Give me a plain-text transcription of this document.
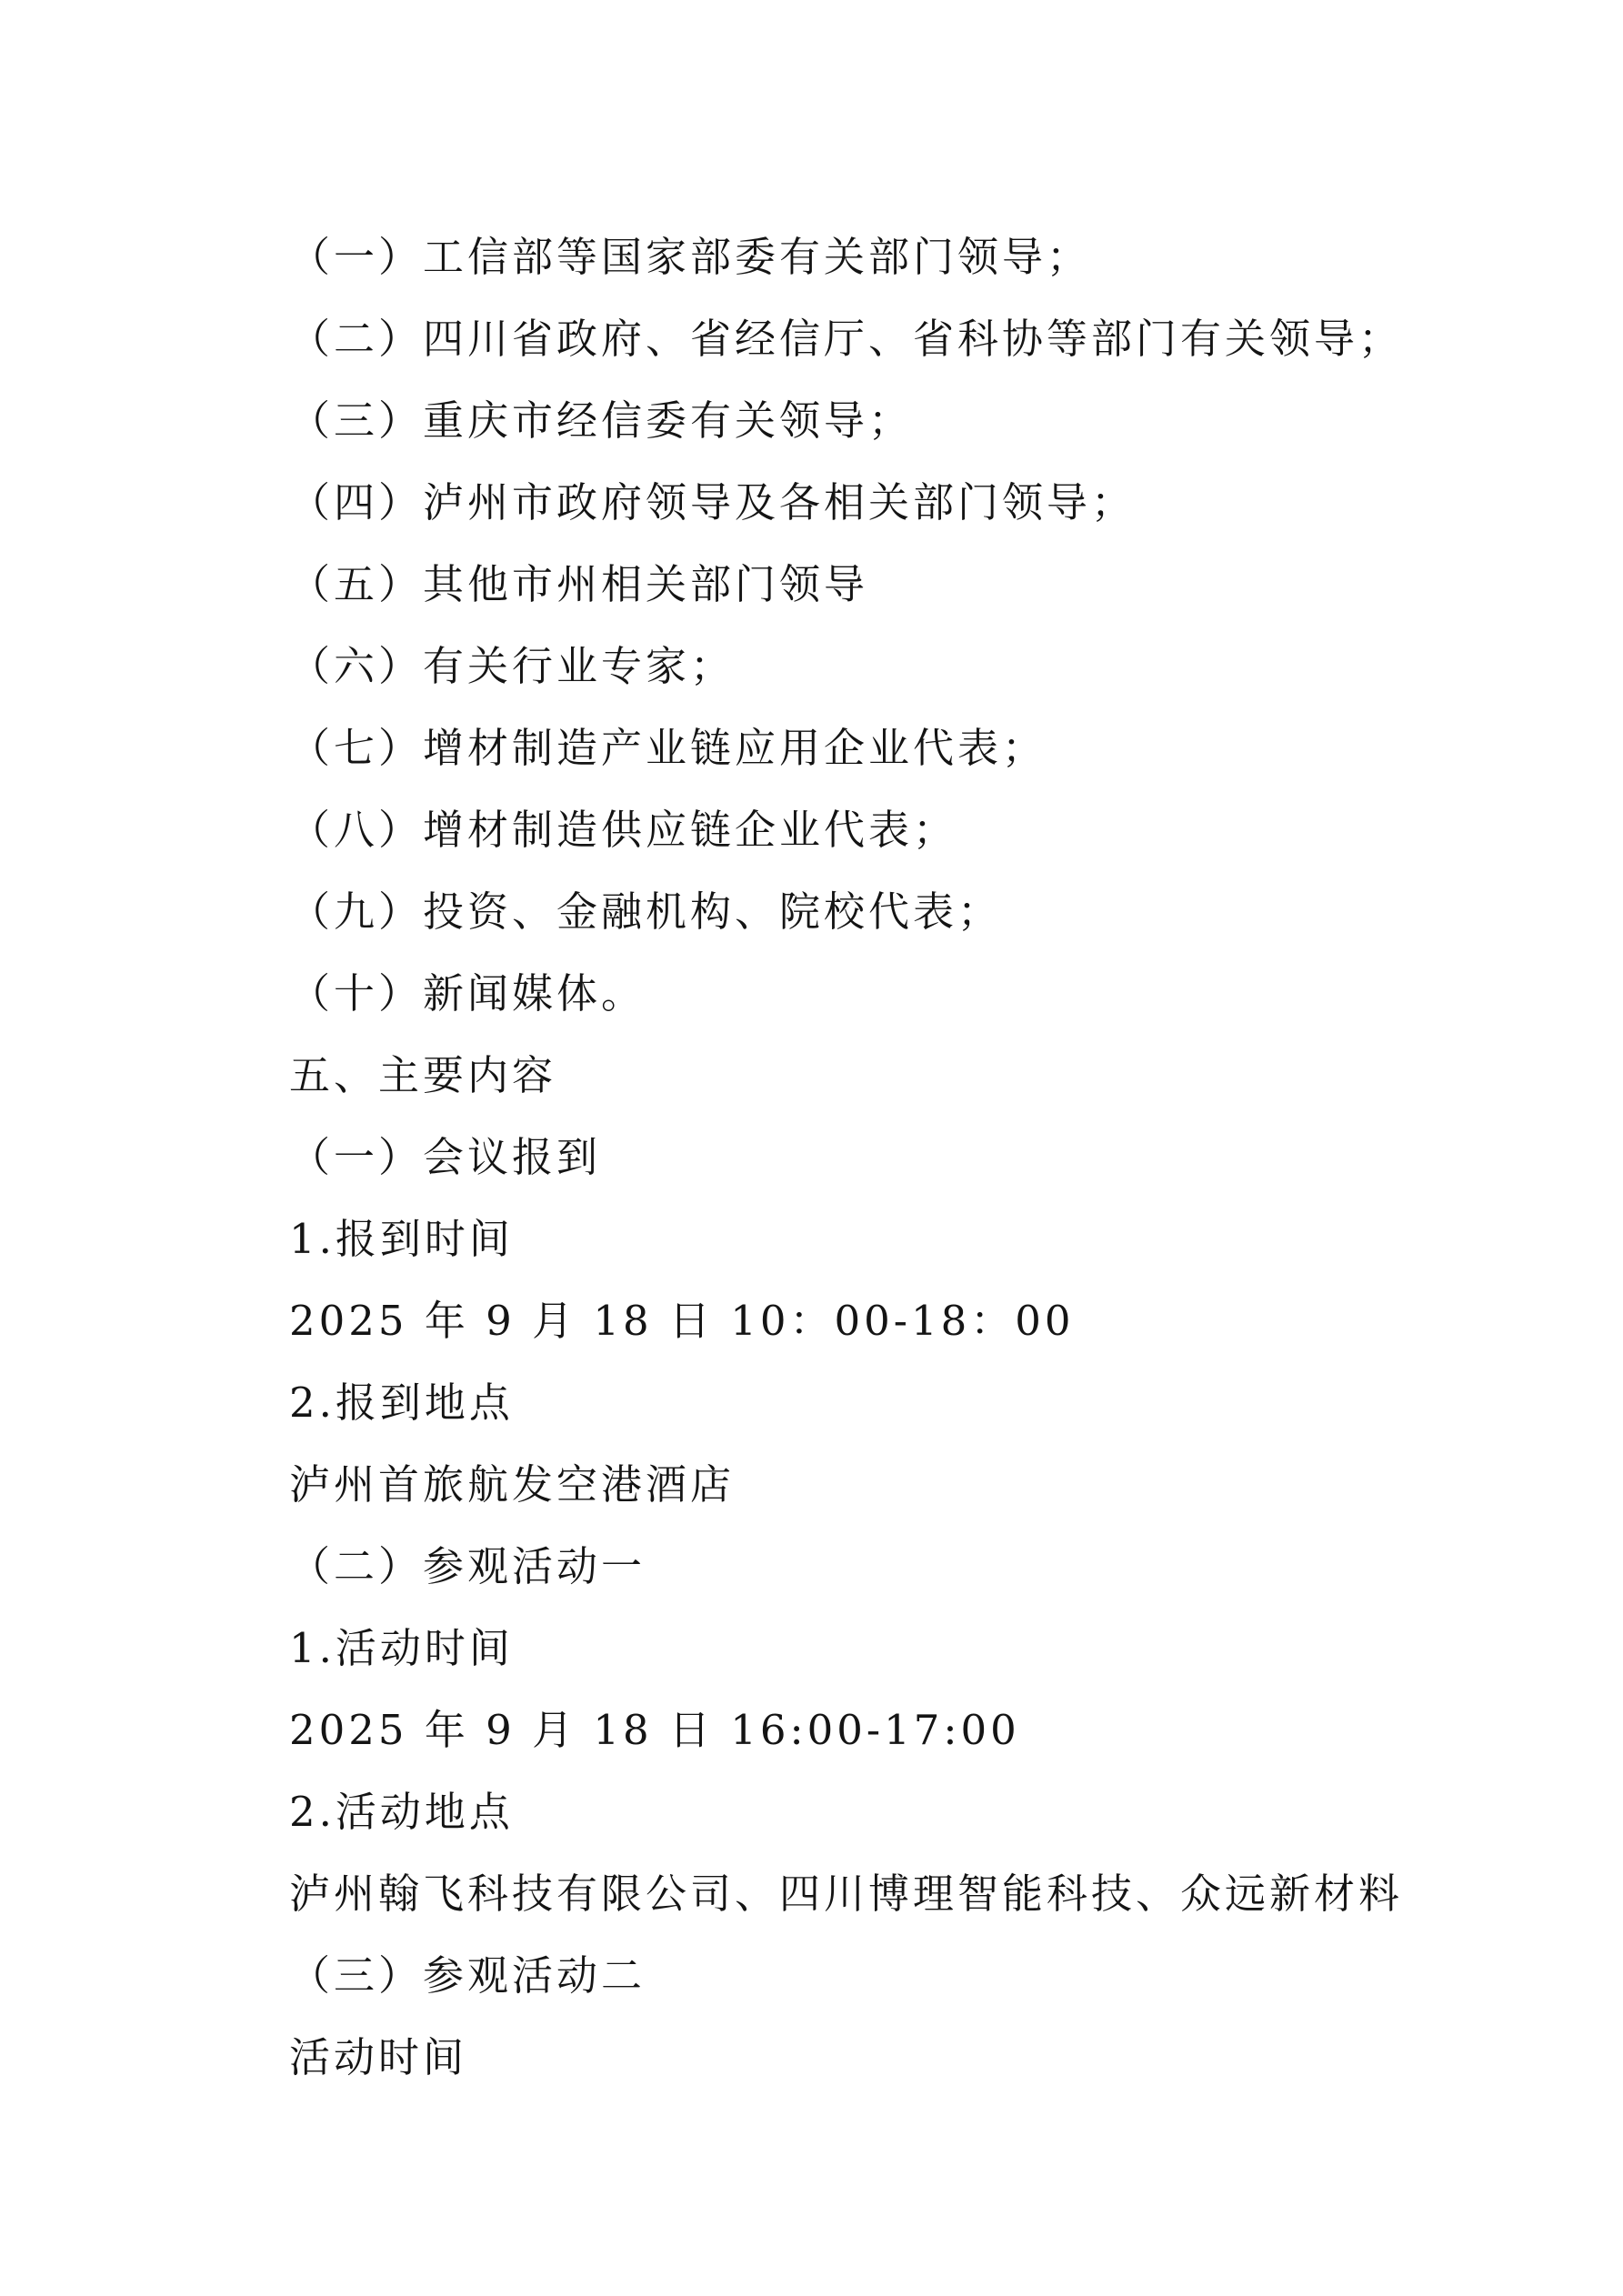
（一）工信部等国家部委有关部门领导；
（二）四川省政府、省经信厅、省科协等部门有关领导；
（三）重庆市经信委有关领导；
（四）泸州市政府领导及各相关部门领导；
（五）其他市州相关部门领导
（六）有关行业专家；
（七）增材制造产业链应用企业代表；
（八）增材制造供应链企业代表；
（九）投资、金融机构、院校代表；
（十）新闻媒体。
五、主要内容
（一）会议报到
1.报到时间
2025 年 9 月 18 日 10：00-18：00
2.报到地点
泸州首旅航发空港酒店
（二）参观活动一
1.活动时间
2025 年 9 月 18 日 16:00-17:00
2.活动地点
泸州翰飞科技有限公司、四川博理智能科技、众远新材料
（三）参观活动二
活动时间
